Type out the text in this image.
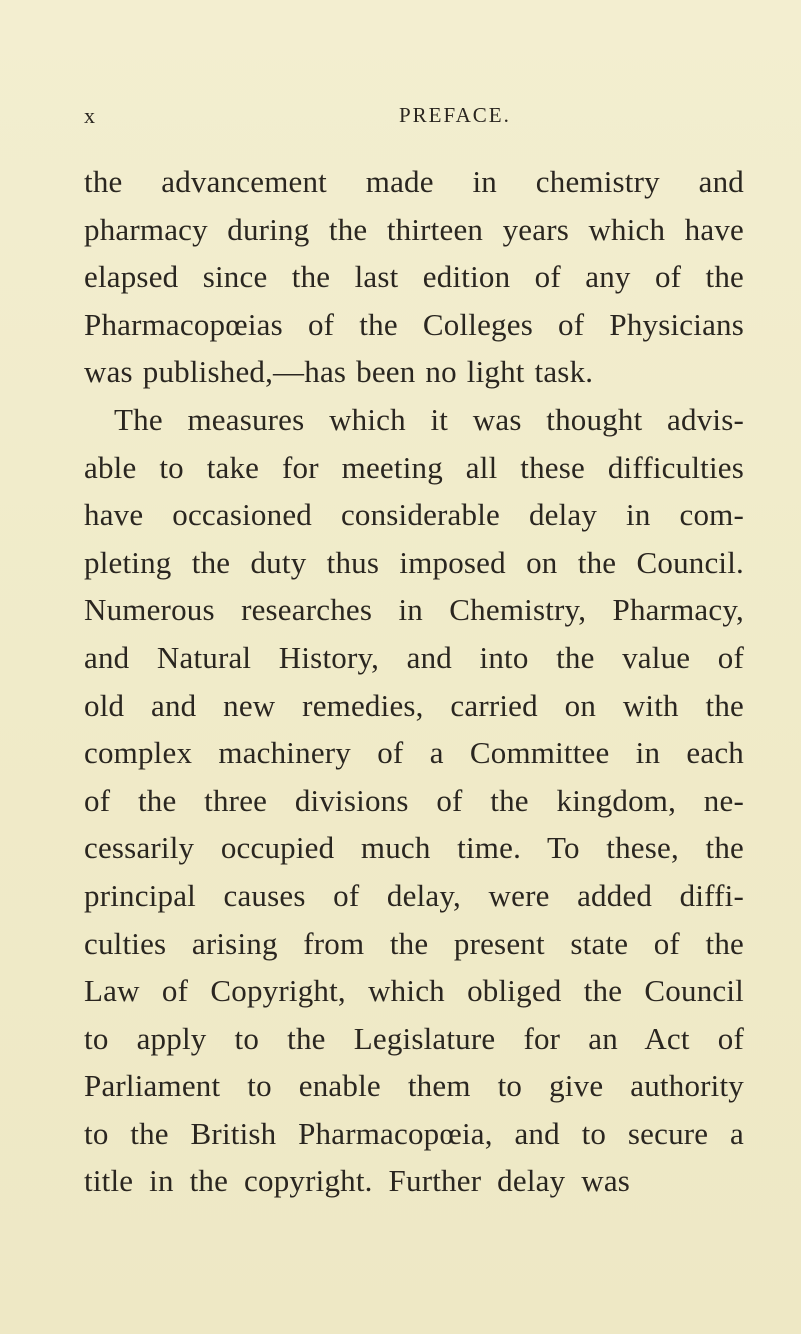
x	PREFACE.
the advancement made in chemistry and
pharmacy during the thirteen years which have
elapsed since the last edition of any of the
Pharmacopœias of the Colleges of Physicians
was published,—has been no light task.
The measures which it was thought advis-
able to take for meeting all these difficulties
have occasioned considerable delay in com-
pleting the duty thus imposed on the Council.
Numerous researches in Chemistry, Pharmacy,
and Natural History, and into the value of
old and new remedies, carried on with the
complex machinery of a Committee in each
of the three divisions of the kingdom, ne-
cessarily occupied much time. To these, the
principal causes of delay, were added diffi-
culties arising from the present state of the
Law of Copyright, which obliged the Council
to apply to the Legislature for an Act of
Parliament to enable them to give authority
to the British Pharmacopœia, and to secure a
title in the copyright. Further delay was
